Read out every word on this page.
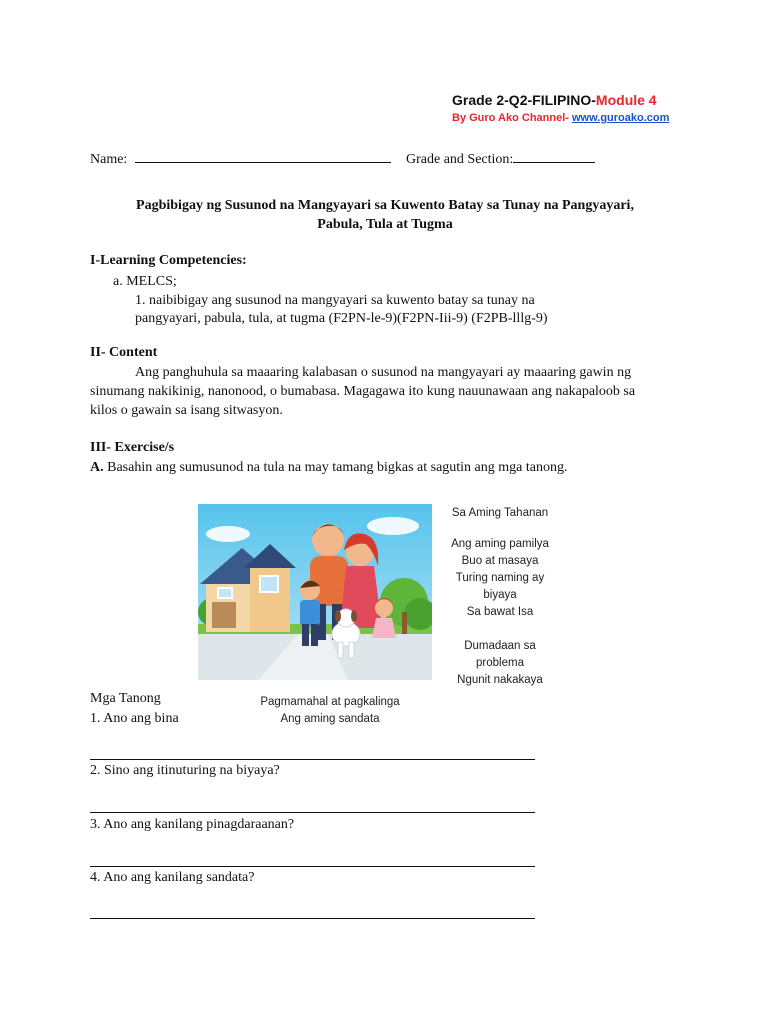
Grade 2-Q2-FILIPINO-Module 4
By Guro Ako Channel- www.guroako.com
Name:	Grade and Section:
Pagbibigay ng Susunod na Mangyayari sa Kuwento Batay sa Tunay na Pangyayari,
Pabula, Tula at Tugma
I-Learning Competencies:
a. MELCS;
1. naibibigay ang susunod na mangyayari sa kuwento batay sa tunay na
pangyayari, pabula, tula, at tugma (F2PN-le-9)(F2PN-Iii-9) (F2PB-lllg-9)
II- Content
Ang panghuhula sa maaaring kalabasan o susunod na mangyayari ay maaaring gawin ng
sinumang nakikinig, nanonood, o bumabasa. Magagawa ito kung nauunawaan ang nakapaloob sa
kilos o gawain sa isang sitwasyon.
III- Exercise/s
A. Basahin ang sumusunod na tula na may tamang bigkas at sagutin ang mga tanong.
Sa Aming Tahanan
Ang aming pamilya
Buo at masaya
Turing naming ay
biyaya
Sa bawat Isa
Dumadaan sa
problema
Ngunit nakakaya
Mga Tanong
1. Ano ang bina
Pagmamahal at pagkalinga
Ang aming sandata
2. Sino ang itinuturing na biyaya?
3. Ano ang kanilang pinagdaraanan?
4. Ano ang kanilang sandata?
